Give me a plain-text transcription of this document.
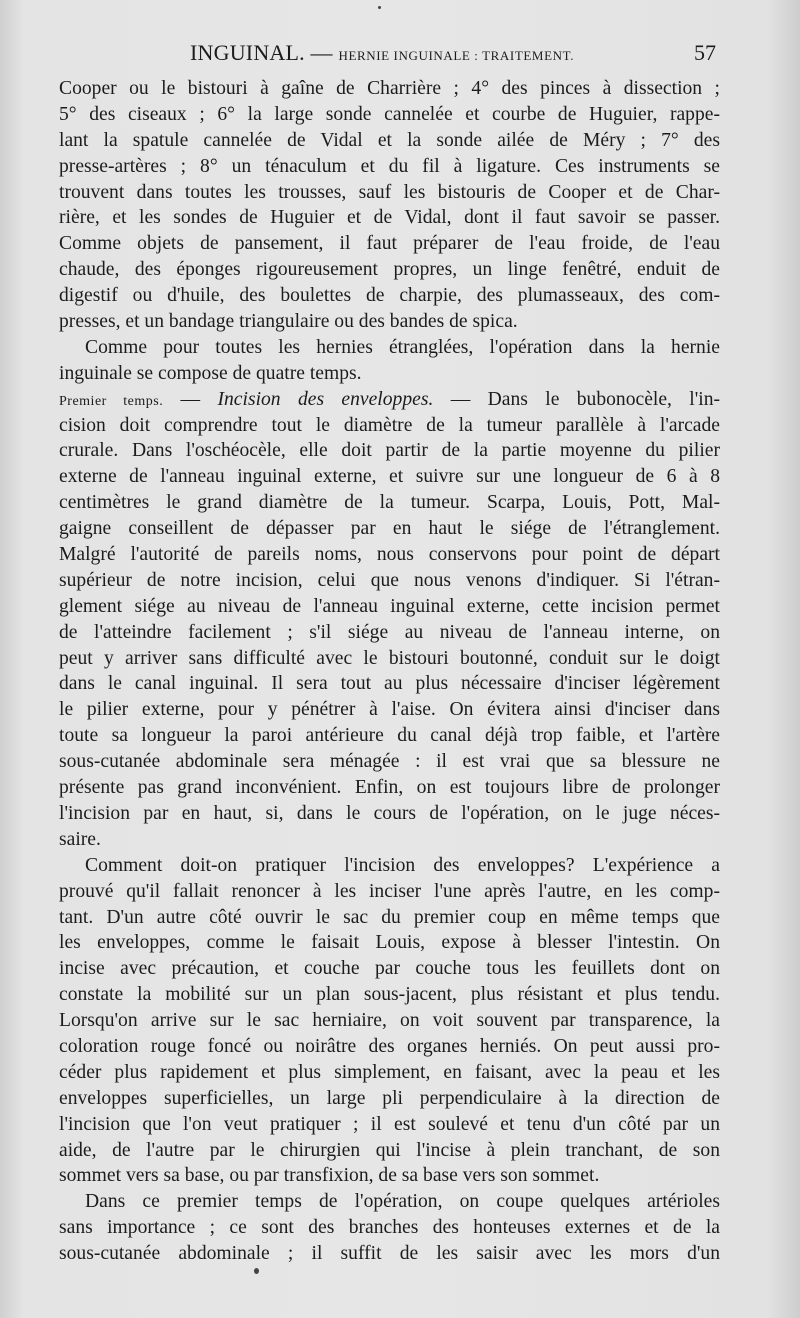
INGUINAL. — HERNIE INGUINALE : TRAITEMENT.	57
Cooper ou le bistouri à gaîne de Charrière ; 4° des pinces à dissection ;
5° des ciseaux ; 6° la large sonde cannelée et courbe de Huguier, rappe-
lant la spatule cannelée de Vidal et la sonde ailée de Méry ; 7° des
presse-artères ; 8° un ténaculum et du fil à ligature. Ces instruments se
trouvent dans toutes les trousses, sauf les bistouris de Cooper et de Char-
rière, et les sondes de Huguier et de Vidal, dont il faut savoir se passer.
Comme objets de pansement, il faut préparer de l'eau froide, de l'eau
chaude, des éponges rigoureusement propres, un linge fenêtré, enduit de
digestif ou d'huile, des boulettes de charpie, des plumasseaux, des com-
presses, et un bandage triangulaire ou des bandes de spica.
Comme pour toutes les hernies étranglées, l'opération dans la hernie
inguinale se compose de quatre temps.
Premier temps. — Incision des enveloppes. — Dans le bubonocèle, l'in-
cision doit comprendre tout le diamètre de la tumeur parallèle à l'arcade
crurale. Dans l'oschéocèle, elle doit partir de la partie moyenne du pilier
externe de l'anneau inguinal externe, et suivre sur une longueur de 6 à 8
centimètres le grand diamètre de la tumeur. Scarpa, Louis, Pott, Mal-
gaigne conseillent de dépasser par en haut le siége de l'étranglement.
Malgré l'autorité de pareils noms, nous conservons pour point de départ
supérieur de notre incision, celui que nous venons d'indiquer. Si l'étran-
glement siége au niveau de l'anneau inguinal externe, cette incision permet
de l'atteindre facilement ; s'il siége au niveau de l'anneau interne, on
peut y arriver sans difficulté avec le bistouri boutonné, conduit sur le doigt
dans le canal inguinal. Il sera tout au plus nécessaire d'inciser légèrement
le pilier externe, pour y pénétrer à l'aise. On évitera ainsi d'inciser dans
toute sa longueur la paroi antérieure du canal déjà trop faible, et l'artère
sous-cutanée abdominale sera ménagée : il est vrai que sa blessure ne
présente pas grand inconvénient. Enfin, on est toujours libre de prolonger
l'incision par en haut, si, dans le cours de l'opération, on le juge néces-
saire.
Comment doit-on pratiquer l'incision des enveloppes? L'expérience a
prouvé qu'il fallait renoncer à les inciser l'une après l'autre, en les comp-
tant. D'un autre côté ouvrir le sac du premier coup en même temps que
les enveloppes, comme le faisait Louis, expose à blesser l'intestin. On
incise avec précaution, et couche par couche tous les feuillets dont on
constate la mobilité sur un plan sous-jacent, plus résistant et plus tendu.
Lorsqu'on arrive sur le sac herniaire, on voit souvent par transparence, la
coloration rouge foncé ou noirâtre des organes herniés. On peut aussi pro-
céder plus rapidement et plus simplement, en faisant, avec la peau et les
enveloppes superficielles, un large pli perpendiculaire à la direction de
l'incision que l'on veut pratiquer ; il est soulevé et tenu d'un côté par un
aide, de l'autre par le chirurgien qui l'incise à plein tranchant, de son
sommet vers sa base, ou par transfixion, de sa base vers son sommet.
Dans ce premier temps de l'opération, on coupe quelques artérioles
sans importance ; ce sont des branches des honteuses externes et de la
sous-cutanée abdominale ; il suffit de les saisir avec les mors d'un
